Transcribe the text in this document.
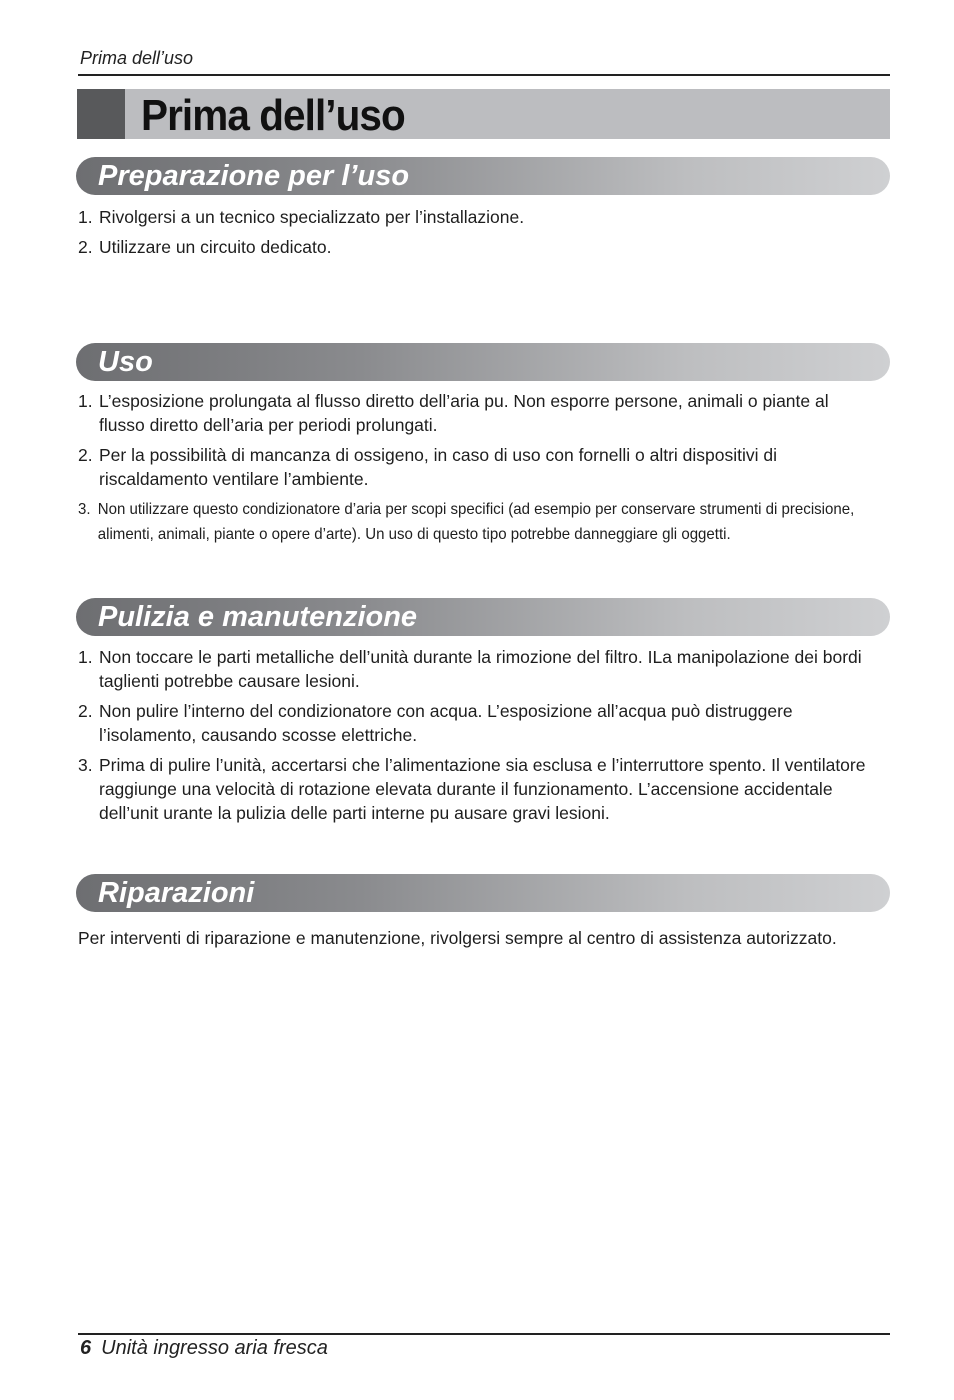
Prima dell’uso
Prima dell’uso
Preparazione per l’uso
1. Rivolgersi a un tecnico specializzato per l’installazione.
2. Utilizzare un circuito dedicato.
Uso
1. L’esposizione prolungata al flusso diretto dell’aria pu. Non esporre persone, animali o piante al flusso diretto dell’aria per periodi prolungati.
2. Per la possibilità di mancanza di ossigeno, in caso di uso con fornelli o altri dispositivi di riscaldamento ventilare l’ambiente.
3. Non utilizzare questo condizionatore d’aria per scopi specifici (ad esempio per conservare strumenti di precisione, alimenti, animali, piante o opere d’arte). Un uso di questo tipo potrebbe danneggiare gli oggetti.
Pulizia e manutenzione
1. Non toccare le parti metalliche dell’unità durante la rimozione del filtro. ILa manipolazione dei bordi taglienti potrebbe causare lesioni.
2. Non pulire l’interno del condizionatore con acqua. L’esposizione all’acqua può distruggere l’isolamento, causando scosse elettriche.
3. Prima di pulire l’unità, accertarsi che l’alimentazione sia esclusa e l’interruttore spento. Il ventilatore raggiunge una velocità di rotazione elevata durante il funzionamento. L’accensione accidentale dell’unit urante la pulizia delle parti interne pu ausare gravi lesioni.
Riparazioni
Per interventi di riparazione e manutenzione, rivolgersi sempre al centro di assistenza autorizzato.
6 Unità ingresso aria fresca
